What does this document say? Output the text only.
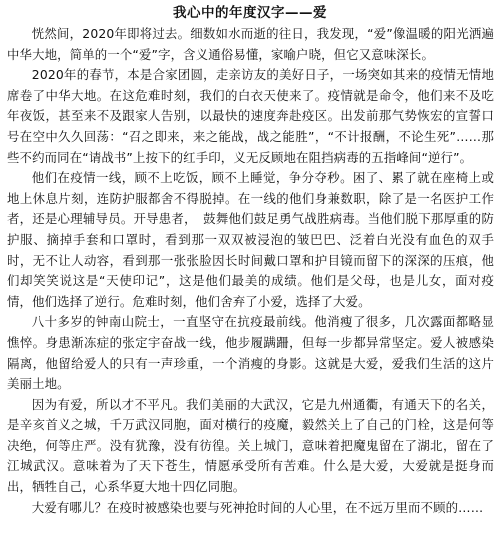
我心中的年度汉字——爱

恍然间，2020年即将过去。细数如水而逝的往日，我发现，“爱”像温暖的阳光洒遍中华大地，简单的一个“爱”字，含义通俗易懂，家喻户晓，但它又意味深长。

2020年的春节，本是合家团圆，走亲访友的美好日子，一场突如其来的疫情无情地席卷了中华大地。在这危难时刻，我们的白衣天使来了。疫情就是命令，他们来不及吃年夜饭，甚至来不及跟家人告别，以最快的速度奔赴疫区。出发前那气势恢宏的宣誓口号在空中久久回荡：“召之即来，来之能战，战之能胜”，“不计报酬，不论生死”……那些不约而同在“请战书”上按下的红手印，义无反顾地在阻挡病毒的五指峰间“逆行”。

他们在疫情一线，顾不上吃饭，顾不上睡觉，争分夺秒。困了、累了就在座椅上或地上休息片刻，连防护服都舍不得脱掉。在一线的他们身兼数职，除了是一名医护工作者，还是心理辅导员。开导患者，　鼓舞他们鼓足勇气战胜病毒。当他们脱下那厚重的防护服、摘掉手套和口罩时，看到那一双双被浸泡的皱巴巴、泛着白光没有血色的双手时，无不让人动容，看到那一张张脸因长时间戴口罩和护目镜而留下的深深的压痕，他们却笑笑说这是“天使印记”，这是他们最美的成绩。他们是父母，也是儿女，面对疫情，他们选择了逆行。危难时刻，他们舍弃了小爱，选择了大爱。

八十多岁的钟南山院士，一直坚守在抗疫最前线。他消瘦了很多，几次露面都略显憔悴。身患渐冻症的张定宇奋战一线，他步履蹒跚，但每一步都异常坚定。爱人被感染隔离，他留给爱人的只有一声珍重，一个消瘦的身影。这就是大爱，爱我们生活的这片美丽土地。

因为有爱，所以才不平凡。我们美丽的大武汉，它是九州通衢，有通天下的名关，是辛亥首义之城，千万武汉同胞，面对横行的疫魔，毅然关上了自己的门栓，这是何等决绝，何等庄严。没有犹豫，没有彷徨。关上城门，意味着把魔鬼留在了湖北，留在了江城武汉。意味着为了天下苍生，情愿承受所有苦难。什么是大爱，大爱就是挺身而出，牺牲自己，心系华夏大地十四亿同胞。

大爱有哪儿？在疫时被感染也要与死神抢时间的人心里，在不远万里而不顾的……
